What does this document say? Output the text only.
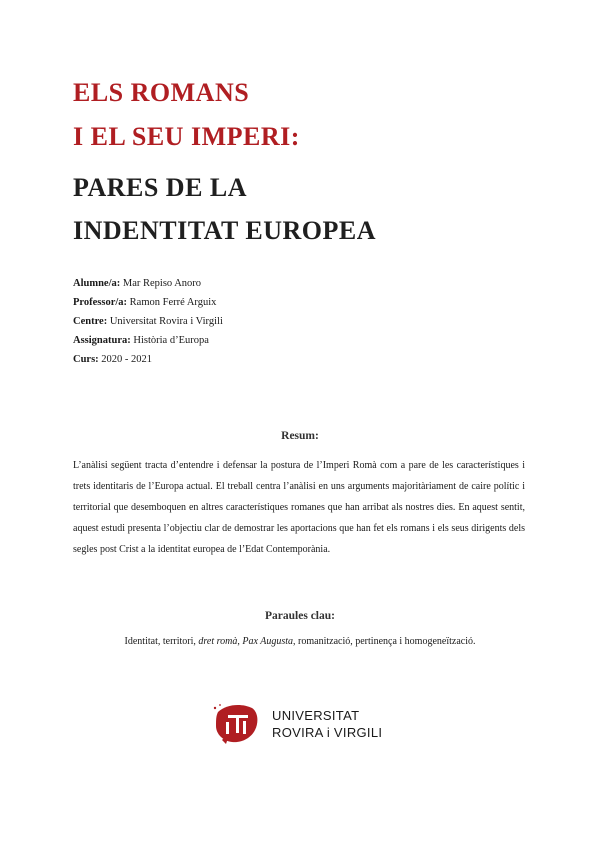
ELS ROMANS
I EL SEU IMPERI:
PARES DE LA
INDENTITAT EUROPEA
Alumne/a: Mar Repiso Anoro
Professor/a: Ramon Ferré Arguix
Centre: Universitat Rovira i Virgili
Assignatura: Història d’Europa
Curs: 2020 - 2021
Resum:
L’anàlisi següent tracta d’entendre i defensar la postura de l’Imperi Romà com a pare de les característiques i trets identitaris de l’Europa actual. El treball centra l’anàlisi en uns arguments majoritàriament de caire polític i territorial que desemboquen en altres característiques romanes que han arribat als nostres dies. En aquest sentit, aquest estudi presenta l’objectiu clar de demostrar les aportacions que han fet els romans i els seus dirigents dels segles post Crist a la identitat europea de l’Edat Contemporània.
Paraules clau:
Identitat, territori, dret romà, Pax Augusta, romanització, pertinença i homogeneïtzació.
UNIVERSITAT
ROVIRA i VIRGILI
